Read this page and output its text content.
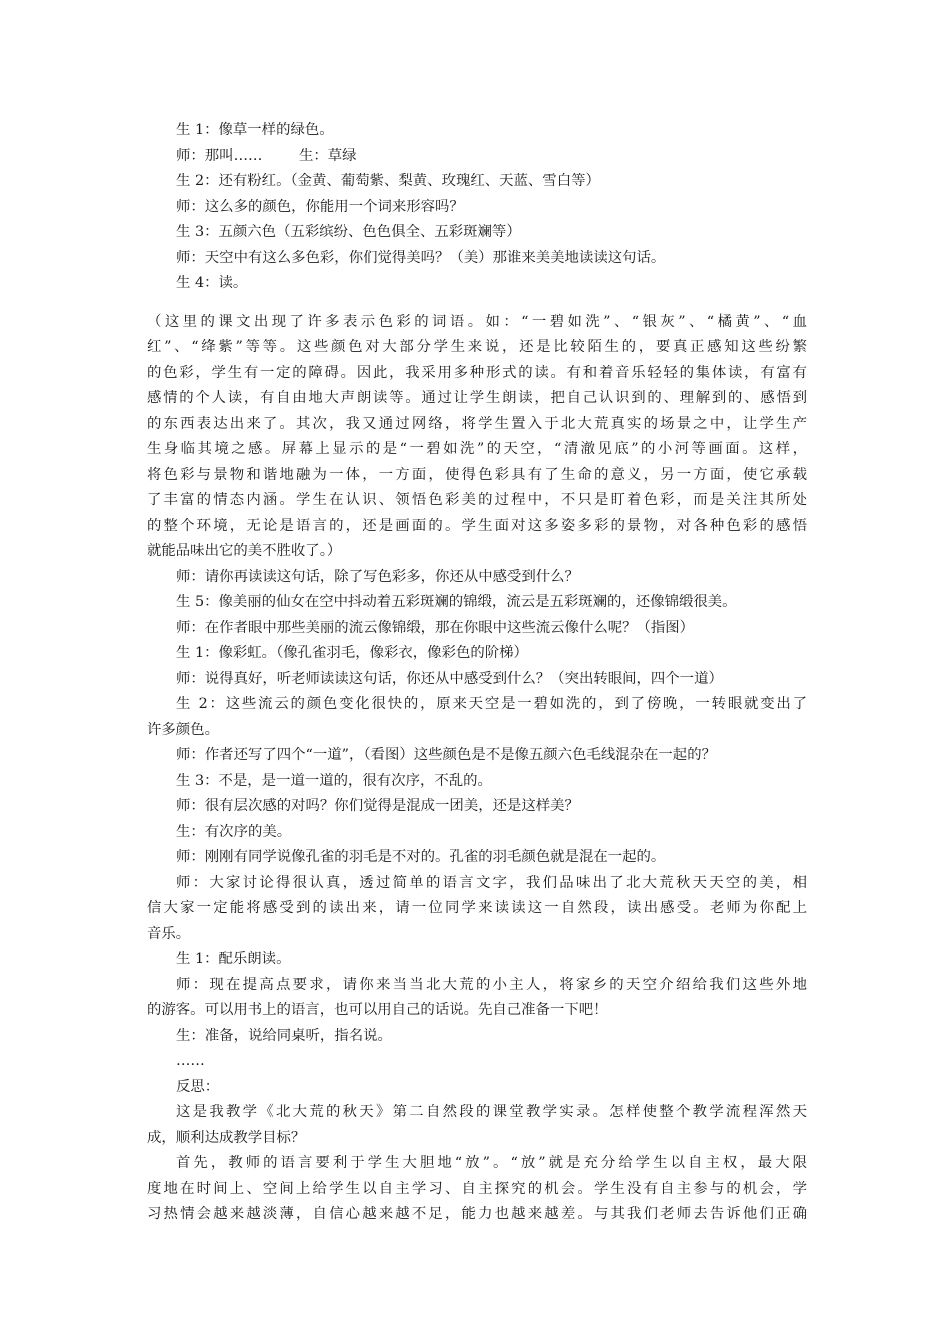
生 1：像草一样的绿色。
师：那叫……        生：草绿
生 2：还有粉红。（金黄、葡萄紫、梨黄、玫瑰红、天蓝、雪白等）
师：这么多的颜色，你能用一个词来形容吗？
生 3：五颜六色（五彩缤纷、色色俱全、五彩斑斓等）
师：天空中有这么多色彩，你们觉得美吗？（美）那谁来美美地读读这句话。
生 4：读。
（这里的课文出现了许多表示色彩的词语。如：“一碧如洗”、“银灰”、“橘黄”、“血
红”、“绛紫”等等。这些颜色对大部分学生来说，还是比较陌生的，要真正感知这些纷繁
的色彩，学生有一定的障碍。因此，我采用多种形式的读。有和着音乐轻轻的集体读，有富有
感情的个人读，有自由地大声朗读等。通过让学生朗读，把自己认识到的、理解到的、感悟到
的东西表达出来了。其次，我又通过网络，将学生置入于北大荒真实的场景之中，让学生产
生身临其境之感。屏幕上显示的是“一碧如洗”的天空，“清澈见底”的小河等画面。这样，
将色彩与景物和谐地融为一体，一方面，使得色彩具有了生命的意义，另一方面，使它承载
了丰富的情态内涵。学生在认识、领悟色彩美的过程中，不只是盯着色彩，而是关注其所处
的整个环境，无论是语言的，还是画面的。学生面对这多姿多彩的景物，对各种色彩的感悟
就能品味出它的美不胜收了。）
师：请你再读读这句话，除了写色彩多，你还从中感受到什么？
生 5：像美丽的仙女在空中抖动着五彩斑斓的锦缎，流云是五彩斑斓的，还像锦缎很美。
师：在作者眼中那些美丽的流云像锦缎，那在你眼中这些流云像什么呢？（指图）
生 1：像彩虹。（像孔雀羽毛，像彩衣，像彩色的阶梯）
师：说得真好，听老师读读这句话，你还从中感受到什么？（突出转眼间，四个一道）
生 2：这些流云的颜色变化很快的，原来天空是一碧如洗的，到了傍晚，一转眼就变出了
许多颜色。
师：作者还写了四个“一道”，（看图）这些颜色是不是像五颜六色毛线混杂在一起的？
生 3：不是，是一道一道的，很有次序，不乱的。
师：很有层次感的对吗？你们觉得是混成一团美，还是这样美？
生：有次序的美。
师：刚刚有同学说像孔雀的羽毛是不对的。孔雀的羽毛颜色就是混在一起的。
师：大家讨论得很认真，透过简单的语言文字，我们品味出了北大荒秋天天空的美，相
信大家一定能将感受到的读出来，请一位同学来读读这一自然段，读出感受。老师为你配上
音乐。
生 1：配乐朗读。
师：现在提高点要求，请你来当当北大荒的小主人，将家乡的天空介绍给我们这些外地
的游客。可以用书上的语言，也可以用自己的话说。先自己准备一下吧！
生：准备，说给同桌听，指名说。
……
反思：
这是我教学《北大荒的秋天》第二自然段的课堂教学实录。怎样使整个教学流程浑然天
成，顺利达成教学目标？
首先，教师的语言要利于学生大胆地“放”。“放”就是充分给学生以自主权，最大限
度地在时间上、空间上给学生以自主学习、自主探究的机会。学生没有自主参与的机会，学
习热情会越来越淡薄，自信心越来越不足，能力也越来越差。与其我们老师去告诉他们正确
